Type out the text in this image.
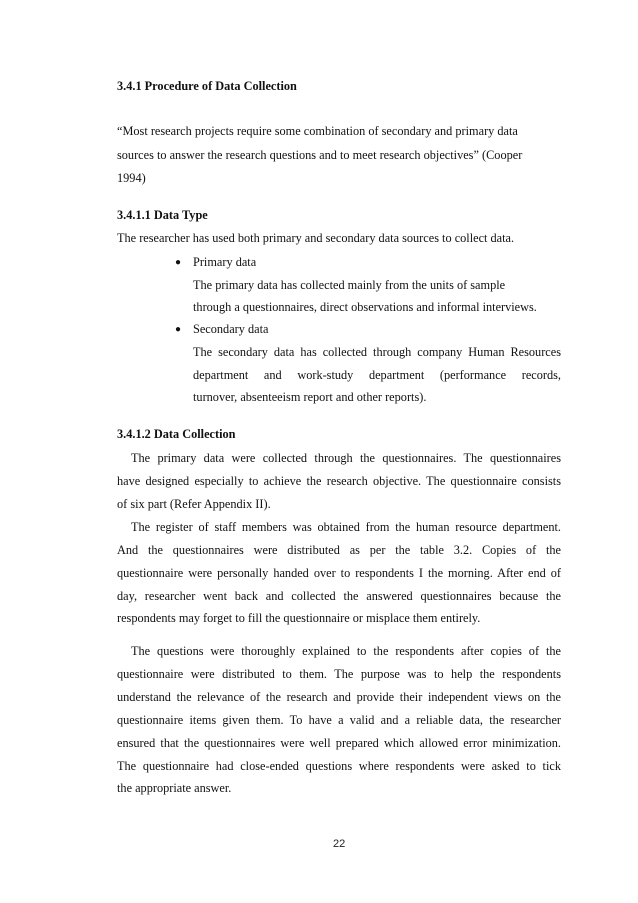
3.4.1 Procedure of Data Collection
“Most research projects require some combination of secondary and primary data
sources to answer the research questions and to meet research objectives” (Cooper
1994)
3.4.1.1 Data Type
The researcher has used both primary and secondary data sources to collect data.
● Primary data
The primary data has collected mainly from the units of sample
through a questionnaires, direct observations and informal interviews.
● Secondary data
The secondary data has collected through company Human Resources
department and work-study department (performance records,
turnover, absenteeism report and other reports).
3.4.1.2 Data Collection
The primary data were collected through the questionnaires. The questionnaires
have designed especially to achieve the research objective. The questionnaire consists
of six part (Refer Appendix II).
The register of staff members was obtained from the human resource department.
And the questionnaires were distributed as per the table 3.2. Copies of the
questionnaire were personally handed over to respondents I the morning. After end of
day, researcher went back and collected the answered questionnaires because the
respondents may forget to fill the questionnaire or misplace them entirely.
The questions were thoroughly explained to the respondents after copies of the
questionnaire were distributed to them. The purpose was to help the respondents
understand the relevance of the research and provide their independent views on the
questionnaire items given them. To have a valid and a reliable data, the researcher
ensured that the questionnaires were well prepared which allowed error minimization.
The questionnaire had close-ended questions where respondents were asked to tick
the appropriate answer.
22
